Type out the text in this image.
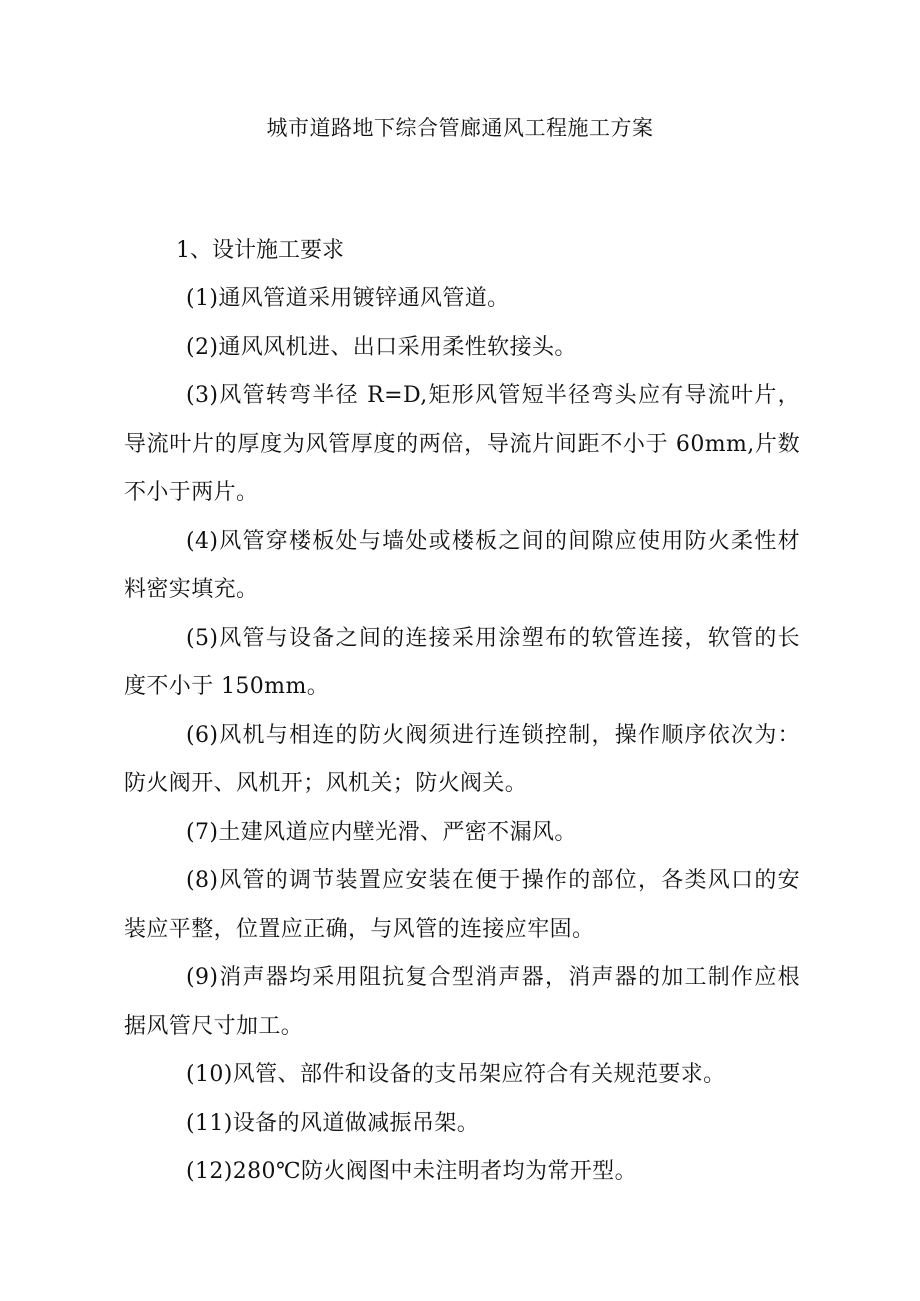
城市道路地下综合管廊通风工程施工方案
1、设计施工要求

(1)通风管道采用镀锌通风管道。

(2)通风风机进、出口采用柔性软接头。

(3)风管转弯半径 R=D,矩形风管短半径弯头应有导流叶片，导流叶片的厚度为风管厚度的两倍，导流片间距不小于 60mm,片数不小于两片。

(4)风管穿楼板处与墙处或楼板之间的间隙应使用防火柔性材料密实填充。

(5)风管与设备之间的连接采用涂塑布的软管连接，软管的长度不小于 150mm。

(6)风机与相连的防火阀须进行连锁控制，操作顺序依次为：防火阀开、风机开；风机关；防火阀关。

(7)土建风道应内壁光滑、严密不漏风。

(8)风管的调节装置应安装在便于操作的部位，各类风口的安装应平整，位置应正确，与风管的连接应牢固。

(9)消声器均采用阻抗复合型消声器，消声器的加工制作应根据风管尺寸加工。

(10)风管、部件和设备的支吊架应符合有关规范要求。

(11)设备的风道做减振吊架。

(12)280℃防火阀图中未注明者均为常开型。
